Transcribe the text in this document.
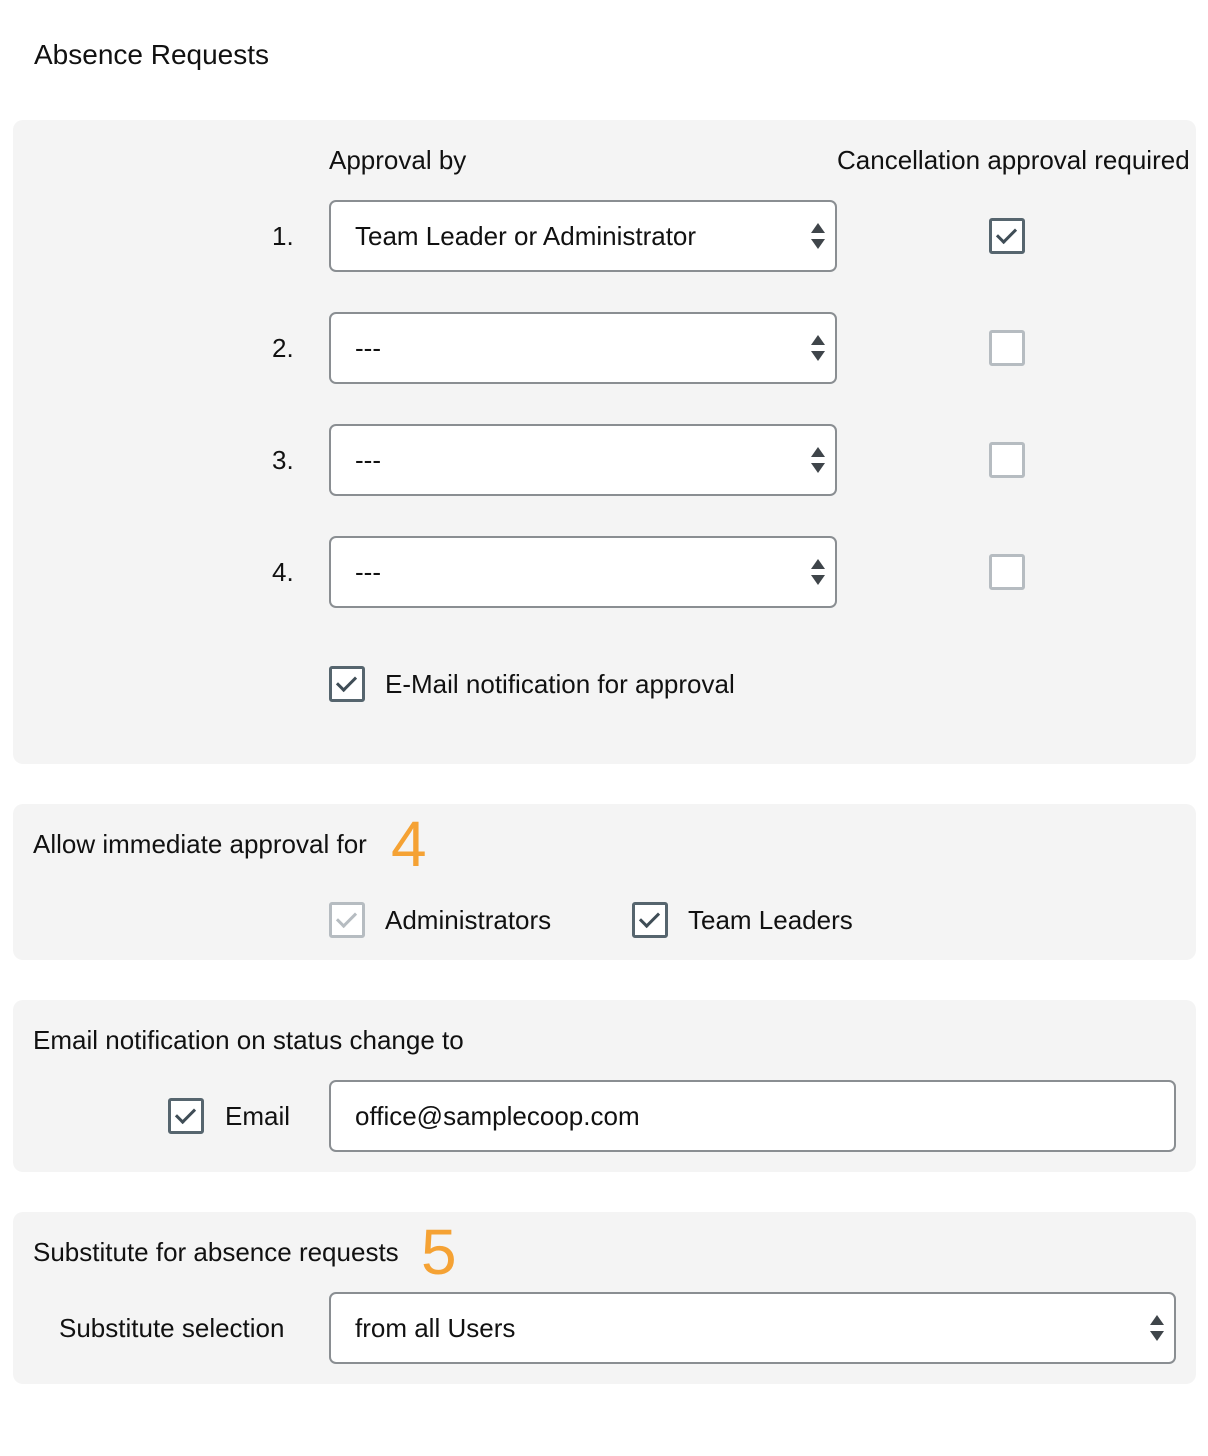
Absence Requests
Approval by	Cancellation approval required
1. Team Leader or Administrator
2. ---
3. ---
4. ---
E-Mail notification for approval
Allow immediate approval for 4
Administrators	Team Leaders
Email notification on status change to
Email office@samplecoop.com
Substitute for absence requests 5
Substitute selection	from all Users
